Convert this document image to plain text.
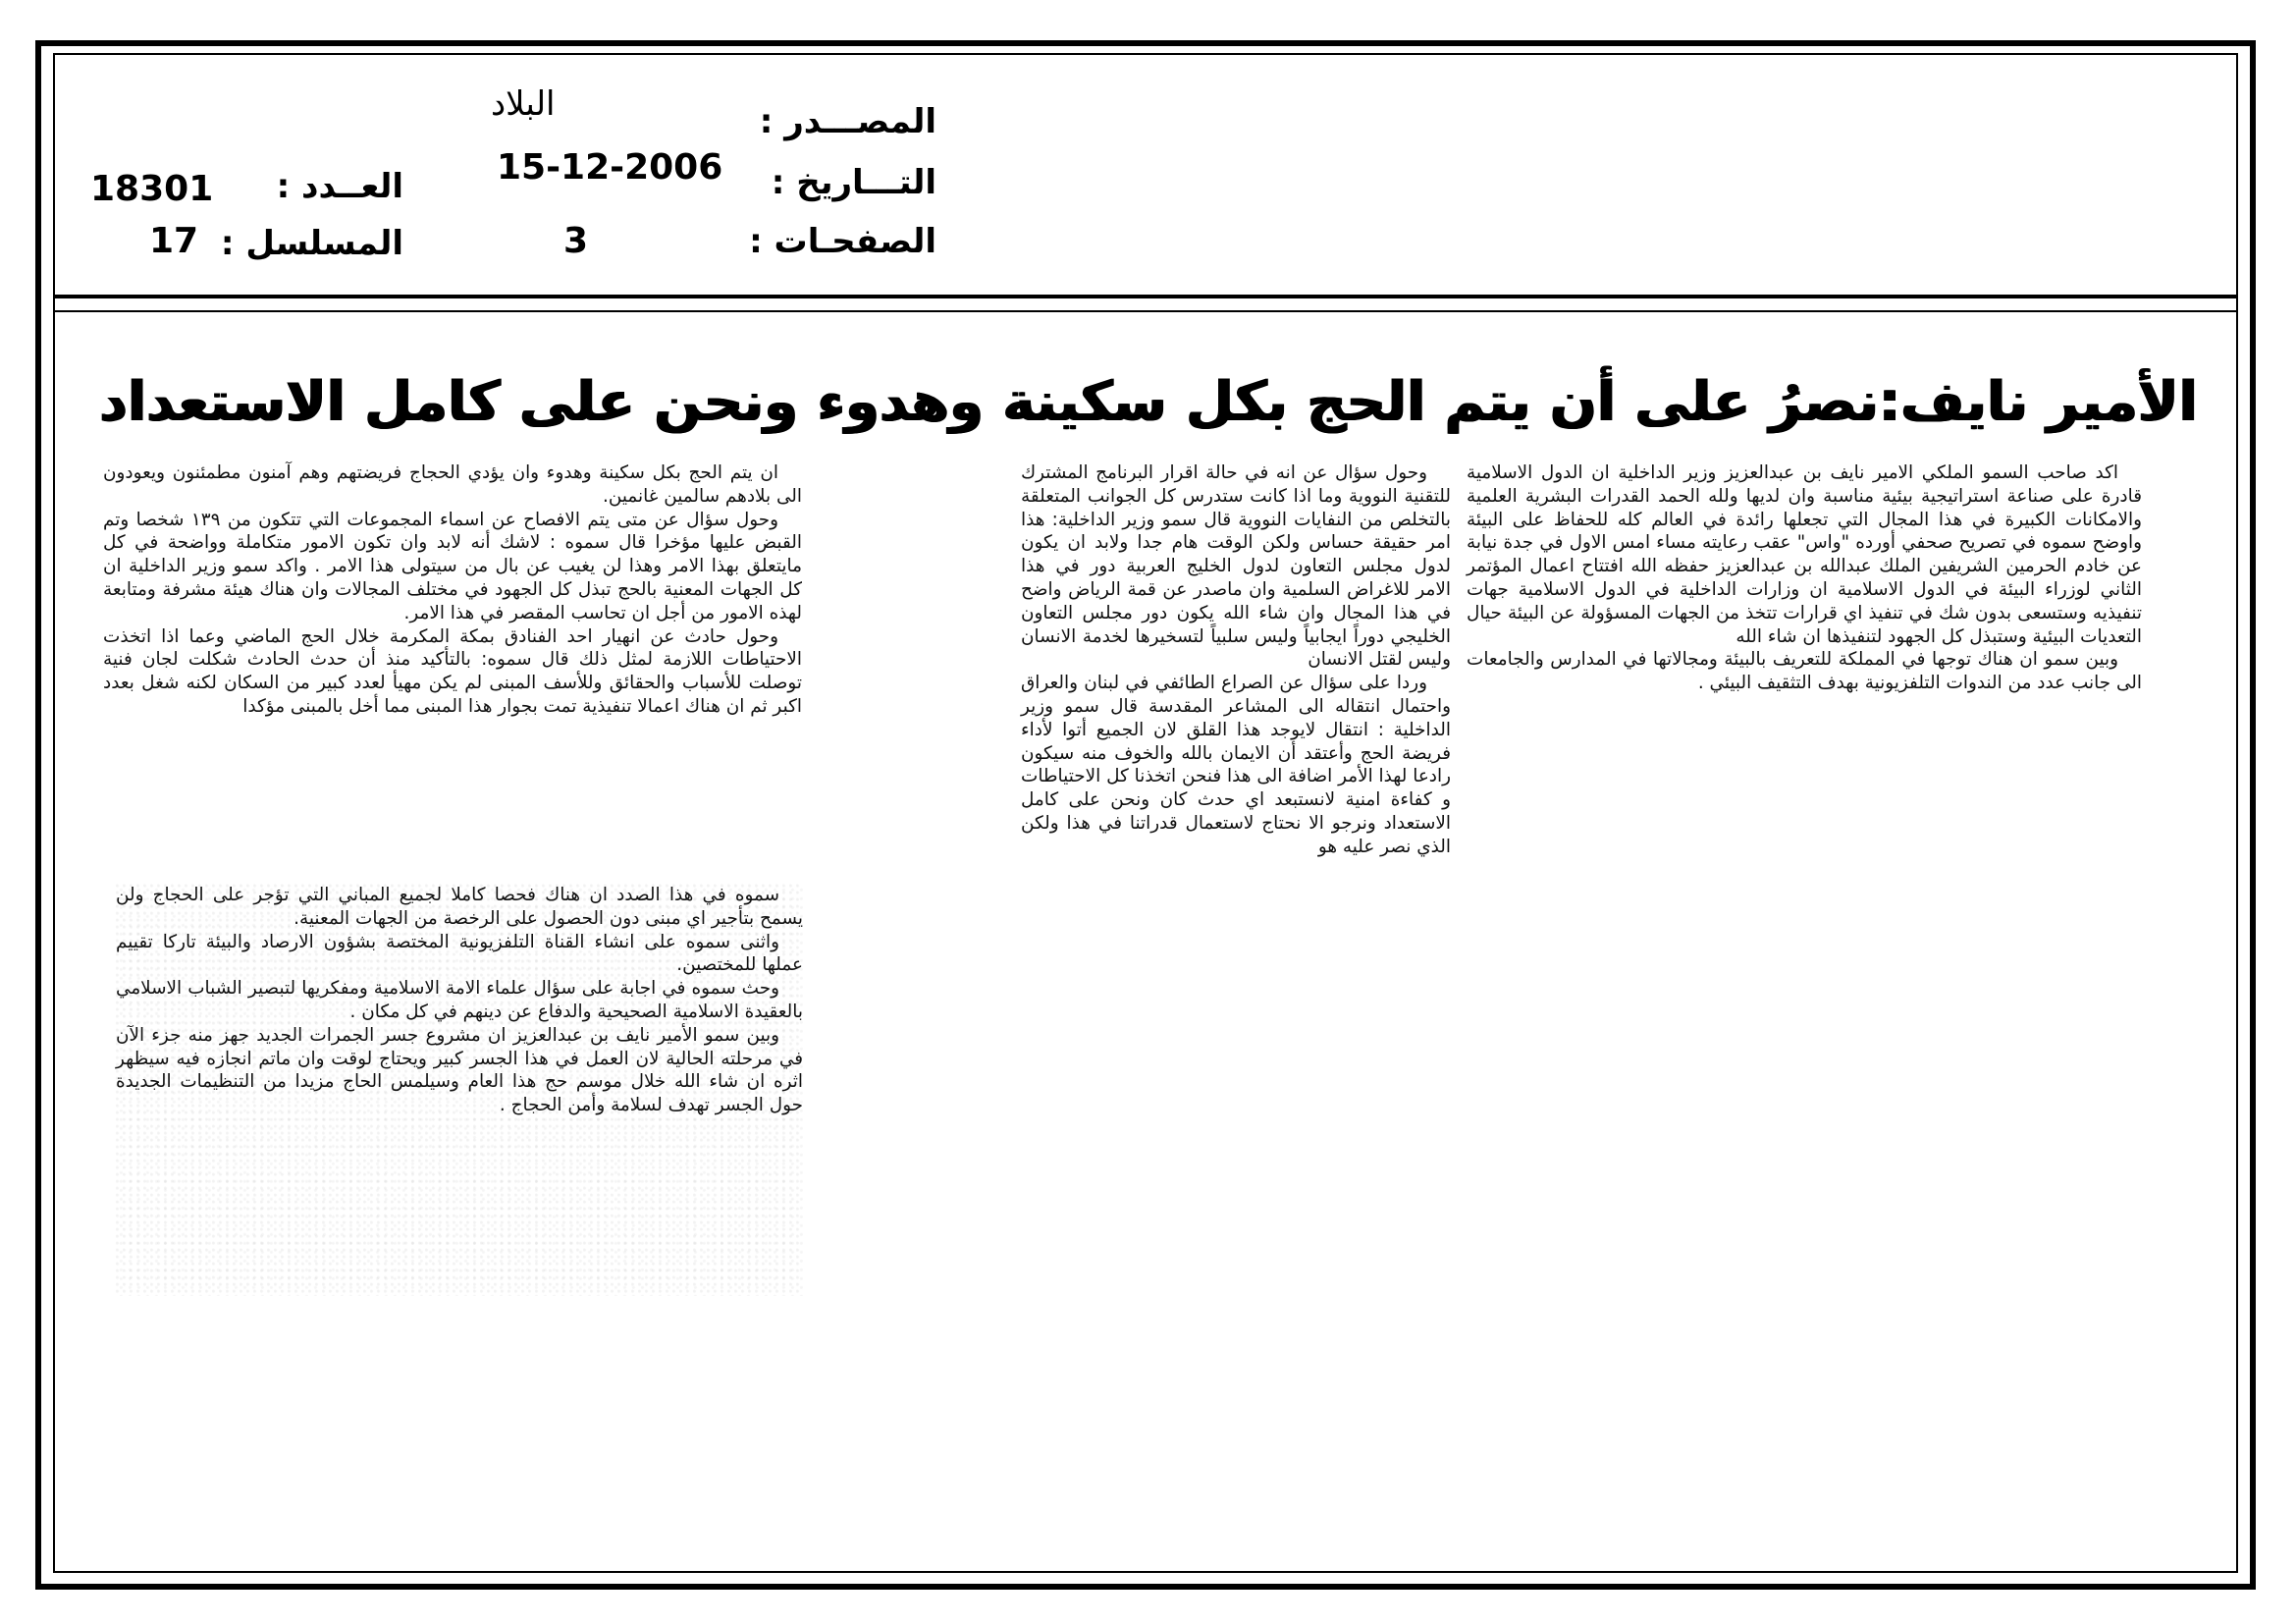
المصـــدر :
البلاد
التـــاريخ :
15-12-2006
الصفحـات :
3
العــدد :
18301
المسلسل :
17
الأمير نايف:نصرُ على أن يتم الحج بكل سكينة وهدوء ونحن على كامل الاستعداد

اكد صاحب السمو الملكي الامير نايف بن عبدالعزيز وزير الداخلية ان الدول الاسلامية قادرة على صناعة استراتيجية بيئية مناسبة وان لديها ولله الحمد القدرات البشرية العلمية والامكانات الكبيرة في هذا المجال التي تجعلها رائدة في العالم كله للحفاظ على البيئة واوضح سموه في تصريح صحفي أورده "واس" عقب رعايته مساء امس الاول في جدة نيابة عن خادم الحرمين الشريفين الملك عبدالله بن عبدالعزيز حفظه الله افتتاح اعمال المؤتمر الثاني لوزراء البيئة في الدول الاسلامية ان وزارات الداخلية في الدول الاسلامية جهات تنفيذيه وستسعى بدون شك في تنفيذ اي قرارات تتخذ من الجهات المسؤولة عن البيئة حيال التعديات البيئية وستبذل كل الجهود لتنفيذها ان شاء الله

وبين سمو ان هناك توجها في المملكة للتعريف بالبيئة ومجالاتها في المدارس والجامعات الى جانب عدد من الندوات التلفزيونية بهدف التثقيف البيئي .

وحول سؤال عن انه في حالة اقرار البرنامج المشترك للتقنية النووية وما اذا كانت ستدرس كل الجوانب المتعلقة بالتخلص من النفايات النووية قال سمو وزير الداخلية: هذا امر حقيقة حساس ولكن الوقت هام جدا ولابد ان يكون لدول مجلس التعاون لدول الخليج العربية دور في هذا الامر للاغراض السلمية وان ماصدر عن قمة الرياض واضح في هذا المجال وان شاء الله يكون دور مجلس التعاون الخليجي دوراً ايجابياً وليس سلبياً لتسخيرها لخدمة الانسان وليس لقتل الانسان

وردا على سؤال عن الصراع الطائفي في لبنان والعراق واحتمال انتقاله الى المشاعر المقدسة قال سمو وزير الداخلية : انتقال لايوجد هذا القلق لان الجميع أتوا لأداء فريضة الحج وأعتقد أن الايمان بالله والخوف منه سيكون رادعا لهذا الأمر اضافة الى هذا فنحن اتخذنا كل الاحتياطات و كفاءة امنية لانستبعد اي حدث كان ونحن على كامل الاستعداد ونرجو الا نحتاج لاستعمال قدراتنا في هذا ولكن الذي نصر عليه هو

ان يتم الحج بكل سكينة وهدوء وان يؤدي الحجاج فريضتهم وهم آمنون مطمئنون ويعودون الى بلادهم سالمين غانمين.

وحول سؤال عن متى يتم الافصاح عن اسماء المجموعات التي تتكون من ١٣٩ شخصا وتم القبض عليها مؤخرا قال سموه : لاشك أنه لابد وان تكون الامور متكاملة وواضحة في كل مايتعلق بهذا الامر وهذا لن يغيب عن بال من سيتولى هذا الامر . واكد سمو وزير الداخلية ان كل الجهات المعنية بالحج تبذل كل الجهود في مختلف المجالات وان هناك هيئة مشرفة ومتابعة لهذه الامور من أجل ان تحاسب المقصر في هذا الامر.

وحول حادث عن انهيار احد الفنادق بمكة المكرمة خلال الحج الماضي وعما اذا اتخذت الاحتياطات اللازمة لمثل ذلك قال سموه: بالتأكيد منذ أن حدث الحادث شكلت لجان فنية توصلت للأسباب والحقائق وللأسف المبنى لم يكن مهيأ لعدد كبير من السكان لكنه شغل بعدد اكبر ثم ان هناك اعمالا تنفيذية تمت بجوار هذا المبنى مما أخل بالمبنى مؤكدا

سموه في هذا الصدد ان هناك فحصا كاملا لجميع المباني التي تؤجر على الحجاج ولن يسمح بتأجير اي مبنى دون الحصول على الرخصة من الجهات المعنية.

واثنى سموه على انشاء القناة التلفزيونية المختصة بشؤون الارصاد والبيئة تاركا تقييم عملها للمختصين.

وحث سموه في اجابة على سؤال علماء الامة الاسلامية ومفكريها لتبصير الشباب الاسلامي بالعقيدة الاسلامية الصحيحية والدفاع عن دينهم في كل مكان .

وبين سمو الأمير نايف بن عبدالعزيز ان مشروع جسر الجمرات الجديد جهز منه جزء الآن في مرحلته الحالية لان العمل في هذا الجسر كبير ويحتاج لوقت وان ماتم انجازه فيه سيظهر اثره ان شاء الله خلال موسم حج هذا العام وسيلمس الحاج مزيدا من التنظيمات الجديدة حول الجسر تهدف لسلامة وأمن الحجاج .
